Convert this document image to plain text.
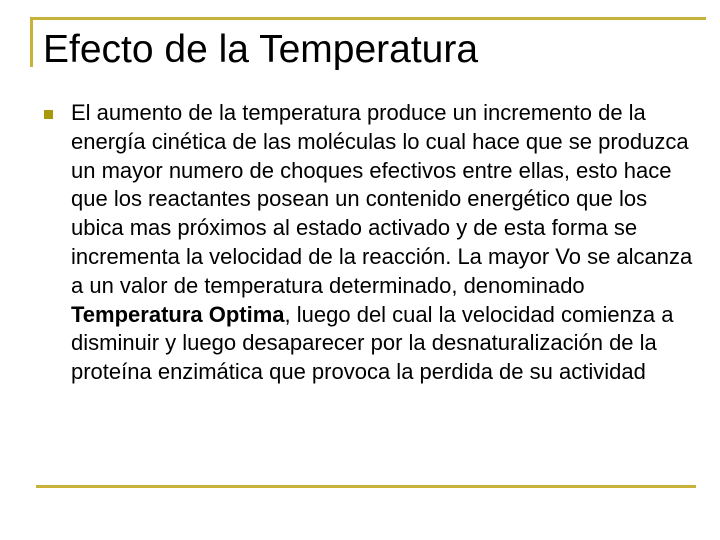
Efecto de la Temperatura

El aumento de la temperatura produce un incremento de la energía cinética de las moléculas lo cual hace que se produzca un mayor numero de choques efectivos entre ellas, esto hace que los reactantes posean un contenido energético que los ubica mas próximos al estado activado y de esta forma se incrementa la velocidad de la reacción. La mayor Vo se alcanza a un valor de temperatura determinado, denominado Temperatura Optima, luego del cual la velocidad comienza a disminuir y luego desaparecer por la desnaturalización de la proteína enzimática que provoca la perdida de su actividad
